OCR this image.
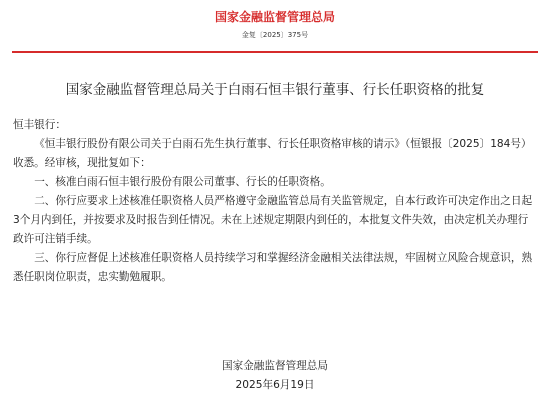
国家金融监督管理总局
金复〔2025〕375号
国家金融监督管理总局关于白雨石恒丰银行董事、行长任职资格的批复

恒丰银行：

《恒丰银行股份有限公司关于白雨石先生执行董事、行长任职资格审核的请示》（恒银报〔2025〕184号）收悉。经审核，现批复如下：

一、核准白雨石恒丰银行股份有限公司董事、行长的任职资格。

二、你行应要求上述核准任职资格人员严格遵守金融监管总局有关监管规定，自本行政许可决定作出之日起3个月内到任，并按要求及时报告到任情况。未在上述规定期限内到任的，本批复文件失效，由决定机关办理行政许可注销手续。

三、你行应督促上述核准任职资格人员持续学习和掌握经济金融相关法律法规，牢固树立风险合规意识，熟悉任职岗位职责，忠实勤勉履职。

国家金融监督管理总局
2025年6月19日
